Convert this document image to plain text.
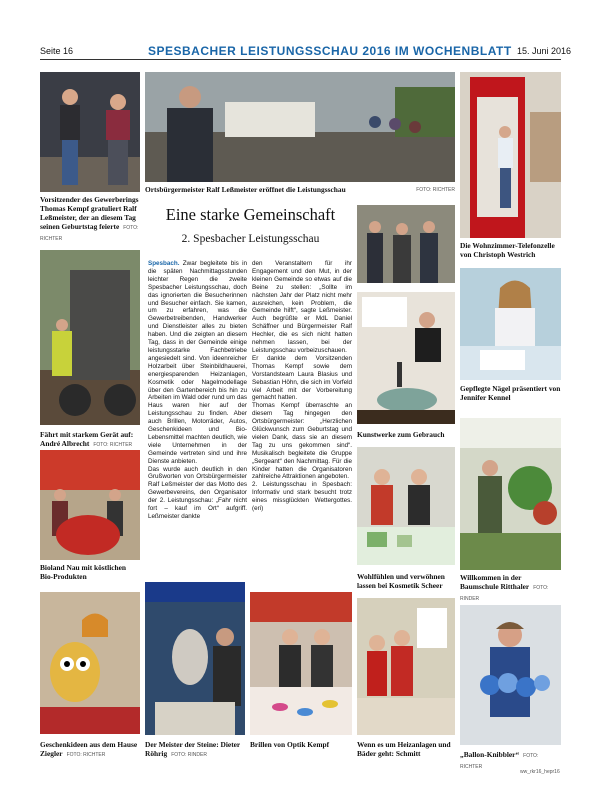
Seite 16	SPESBACHER LEISTUNGSSCHAU 2016 IM WOCHENBLATT 15. Juni 2016
Vorsitzender des Gewerberings Thomas Kempf gratuliert Ralf Leßmeister, der an diesem Tag seinen Geburtstag feierte FOTO: RICHTER
Ortsbürgermeister Ralf Leßmeister eröffnet die Leistungsschau	FOTO: RICHTER
Die Wohnzimmer-Telefonzelle von Christoph Westrich
Eine starke Gemeinschaft
2. Spesbacher Leistungsschau
Fährt mit starkem Gerät auf: André Albrecht FOTO: RICHTER

Spesbach. Zwar begleitete bis in die späten Nachmittagsstunden leichter Regen die zweite Spesbacher Leistungsschau, doch das ignorierten die Besucherinnen und Besucher einfach. Sie kamen, um zu erfahren, was die Gewerbetreibenden, Handwerker und Dienstleister alles zu bieten haben. Und die zeigten an diesem Tag, dass in der Gemeinde einige leistungsstarke Fachbetriebe angesiedelt sind. Von ideenreicher Holzarbeit über Steinbildhauerei, energiesparenden Heizanlagen, Kosmetik oder Nagelmodellage über den Gartenbereich bis hin zu Arbeiten im Wald oder rund um das Haus waren hier auf der Leistungsschau zu finden. Aber auch Brillen, Motorräder, Autos, Geschenkideen und Bio-Lebensmittel machten deutlich, wie viele Unternehmen in der Gemeinde vertreten sind und ihre Dienste anbieten.

Das wurde auch deutlich in den Grußworten von Ortsbürgermeister Ralf Leßmeister der das Motto des Gewerbevereins, den Organisator der 2. Leistungsschau: „Fahr nicht fort – kauf im Ort“ aufgriff. Leßmeister dankte

den Veranstaltern für ihr Engagement und den Mut, in der kleinen Gemeinde so etwas auf die Beine zu stellen: „Sollte im nächsten Jahr der Platz nicht mehr ausreichen, kein Problem, die Gemeinde hilft“, sagte Leßmeister. Auch begrüßte er MdL Daniel Schäffner und Bürgermeister Ralf Hechler, die es sich nicht hatten nehmen lassen, bei der Leistungsschau vorbeizuschauen.

Er dankte dem Vorsitzenden Thomas Kempf sowie dem Vorstandsteam Laura Blasius und Sebastian Höhn, die sich im Vorfeld viel Arbeit mit der Vorbereitung gemacht hatten.

Thomas Kempf überraschte an diesem Tag hingegen den Ortsbürgermeister: „Herzlichen Glückwunsch zum Geburtstag und vielen Dank, dass sie an diesem Tag zu uns gekommen sind“. Musikalisch begleitete die Gruppe „Sergeant“ den Nachmittag. Für die Kinder hatten die Organisatoren zahlreiche Attraktionen angeboten.

2. Leistungsschau in Spesbach: Informativ und stark besucht trotz eines missglückten Wettergottes. (eri)

Kunstwerke zum Gebrauch
Gepflegte Nägel präsentiert von Jennifer Kennel
Bioland Nau mit köstlichen Bio-Produkten	Wohlfühlen und verwöhnen lassen bei Kosmetik Scheer
Willkommen in der Baumschule Ritthaler FOTO: RINDER
Geschenkideen aus dem Hause Ziegler FOTO: RICHTER
Der Meister der Steine: Dieter Röhrig FOTO: RINDER
Brillen von Optik Kempf	Wenn es um Heizanlagen und Bäder geht: Schmitt	„Ballon-Knibbler“ FOTO: RICHTER
ww_rkr16_hepr16
